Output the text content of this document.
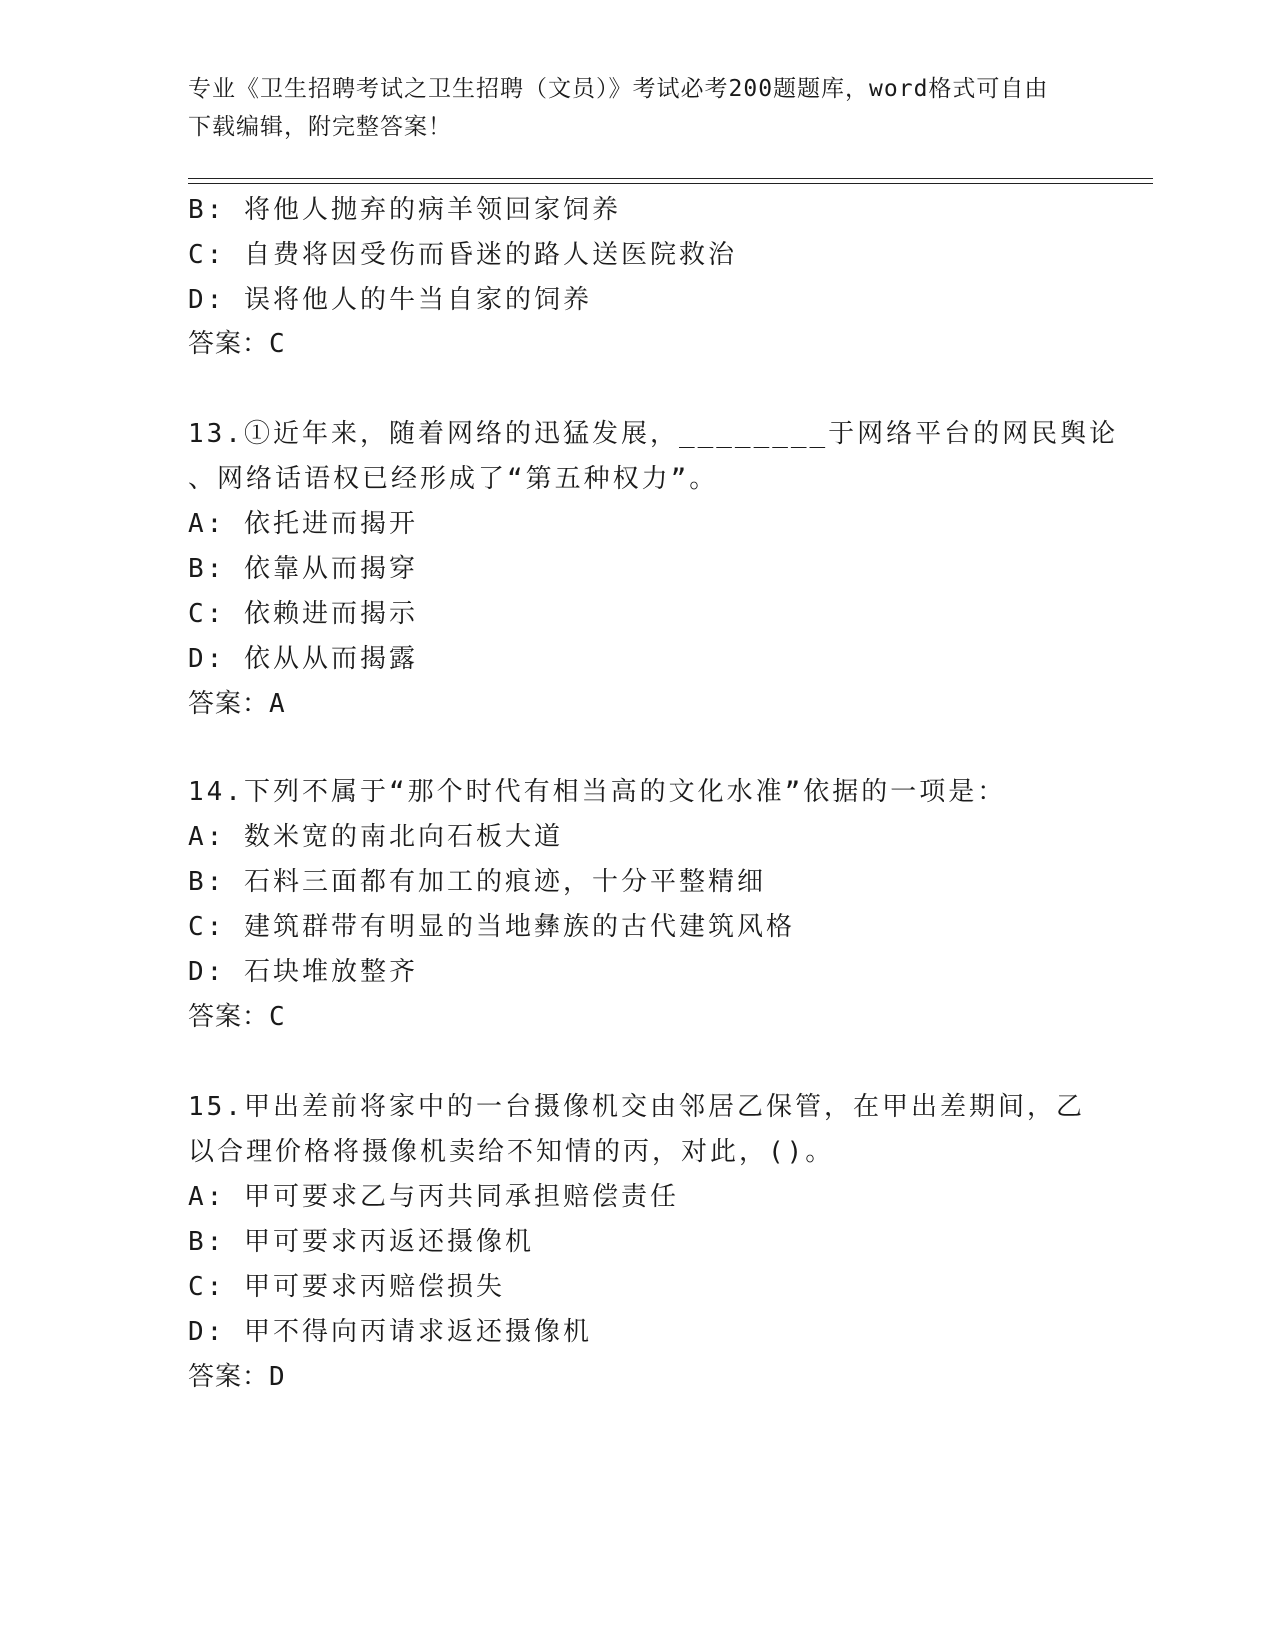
专业《卫生招聘考试之卫生招聘（文员）》考试必考200题题库，word格式可自由下载编辑，附完整答案！
B: 将他人抛弃的病羊领回家饲养
C: 自费将因受伤而昏迷的路人送医院救治
D: 误将他人的牛当自家的饲养
答案：C
13.①近年来，随着网络的迅猛发展，________于网络平台的网民舆论
、网络话语权已经形成了“第五种权力”。
A: 依托进而揭开
B: 依靠从而揭穿
C: 依赖进而揭示
D: 依从从而揭露
答案：A
14.下列不属于“那个时代有相当高的文化水准”依据的一项是：
A: 数米宽的南北向石板大道
B: 石料三面都有加工的痕迹，十分平整精细
C: 建筑群带有明显的当地彝族的古代建筑风格
D: 石块堆放整齐
答案：C
15.甲出差前将家中的一台摄像机交由邻居乙保管，在甲出差期间，乙
以合理价格将摄像机卖给不知情的丙，对此，()。
A: 甲可要求乙与丙共同承担赔偿责任
B: 甲可要求丙返还摄像机
C: 甲可要求丙赔偿损失
D: 甲不得向丙请求返还摄像机
答案：D
